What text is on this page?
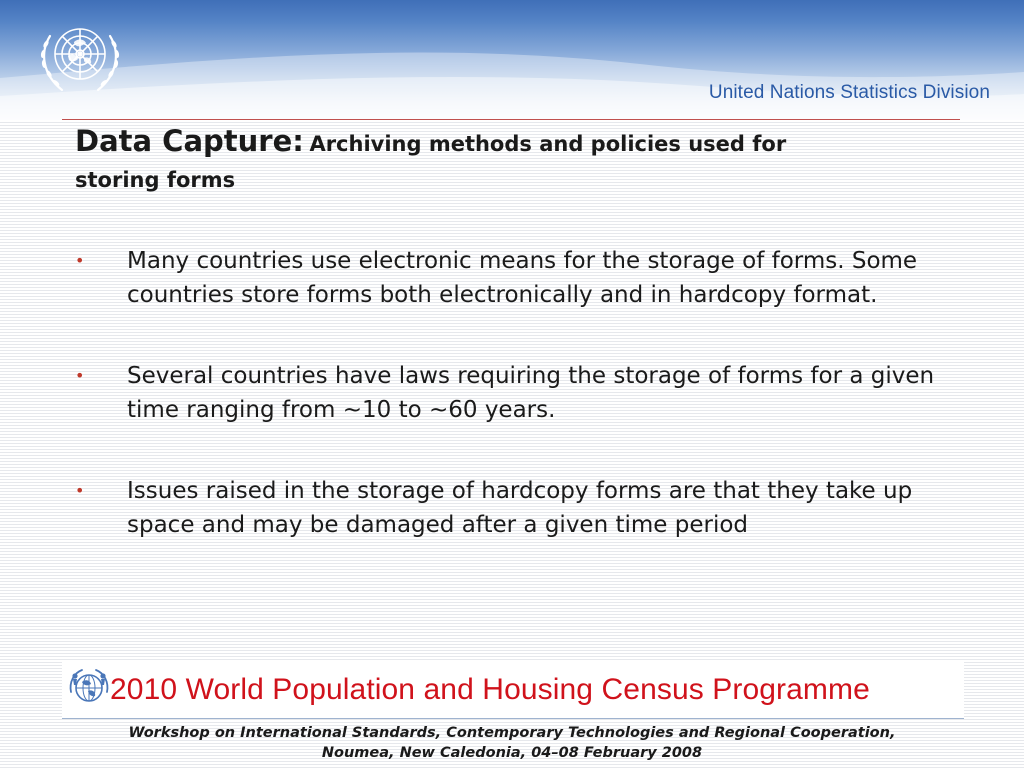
United Nations Statistics Division
Data Capture: Archiving methods and policies used for
storing forms
• Many countries use electronic means for the storage of forms. Some countries store forms both electronically and in hardcopy format.
• Several countries have laws requiring the storage of forms for a given time ranging from ~10 to ~60 years.
• Issues raised in the storage of hardcopy forms are that they take up space and may be damaged after a given time period
2010 World Population and Housing Census Programme
Workshop on International Standards, Contemporary Technologies and Regional Cooperation,
Noumea, New Caledonia, 04–08 February 2008
